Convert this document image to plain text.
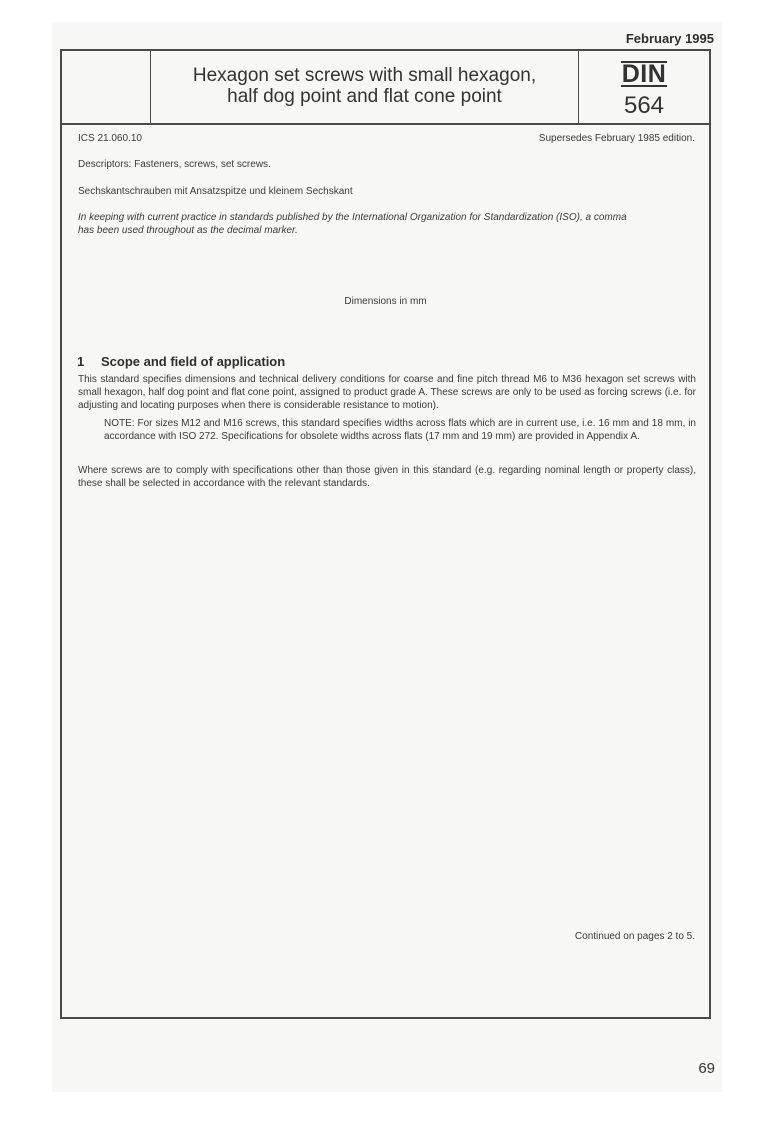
February 1995
Hexagon set screws with small hexagon,
half dog point and flat cone point
DIN
564
ICS 21.060.10	Supersedes February 1985 edition.
Descriptors: Fasteners, screws, set screws.
Sechskantschrauben mit Ansatzspitze und kleinem Sechskant
In keeping with current practice in standards published by the International Organization for Standardization (ISO), a comma
has been used throughout as the decimal marker.
Dimensions in mm
1 Scope and field of application
This standard specifies dimensions and technical delivery conditions for coarse and fine pitch thread M6 to M36 hexagon set screws with small hexagon, half dog point and flat cone point, assigned to product grade A. These screws are only to be used as forcing screws (i.e. for adjusting and locating purposes when there is considerable resistance to motion).
NOTE: For sizes M12 and M16 screws, this standard specifies widths across flats which are in current use, i.e. 16 mm and 18 mm, in accordance with ISO 272. Specifications for obsolete widths across flats (17 mm and 19 mm) are provided in Appendix A.
Where screws are to comply with specifications other than those given in this standard (e.g. regarding nominal length or property class), these shall be selected in accordance with the relevant standards.
Continued on pages 2 to 5.
69
